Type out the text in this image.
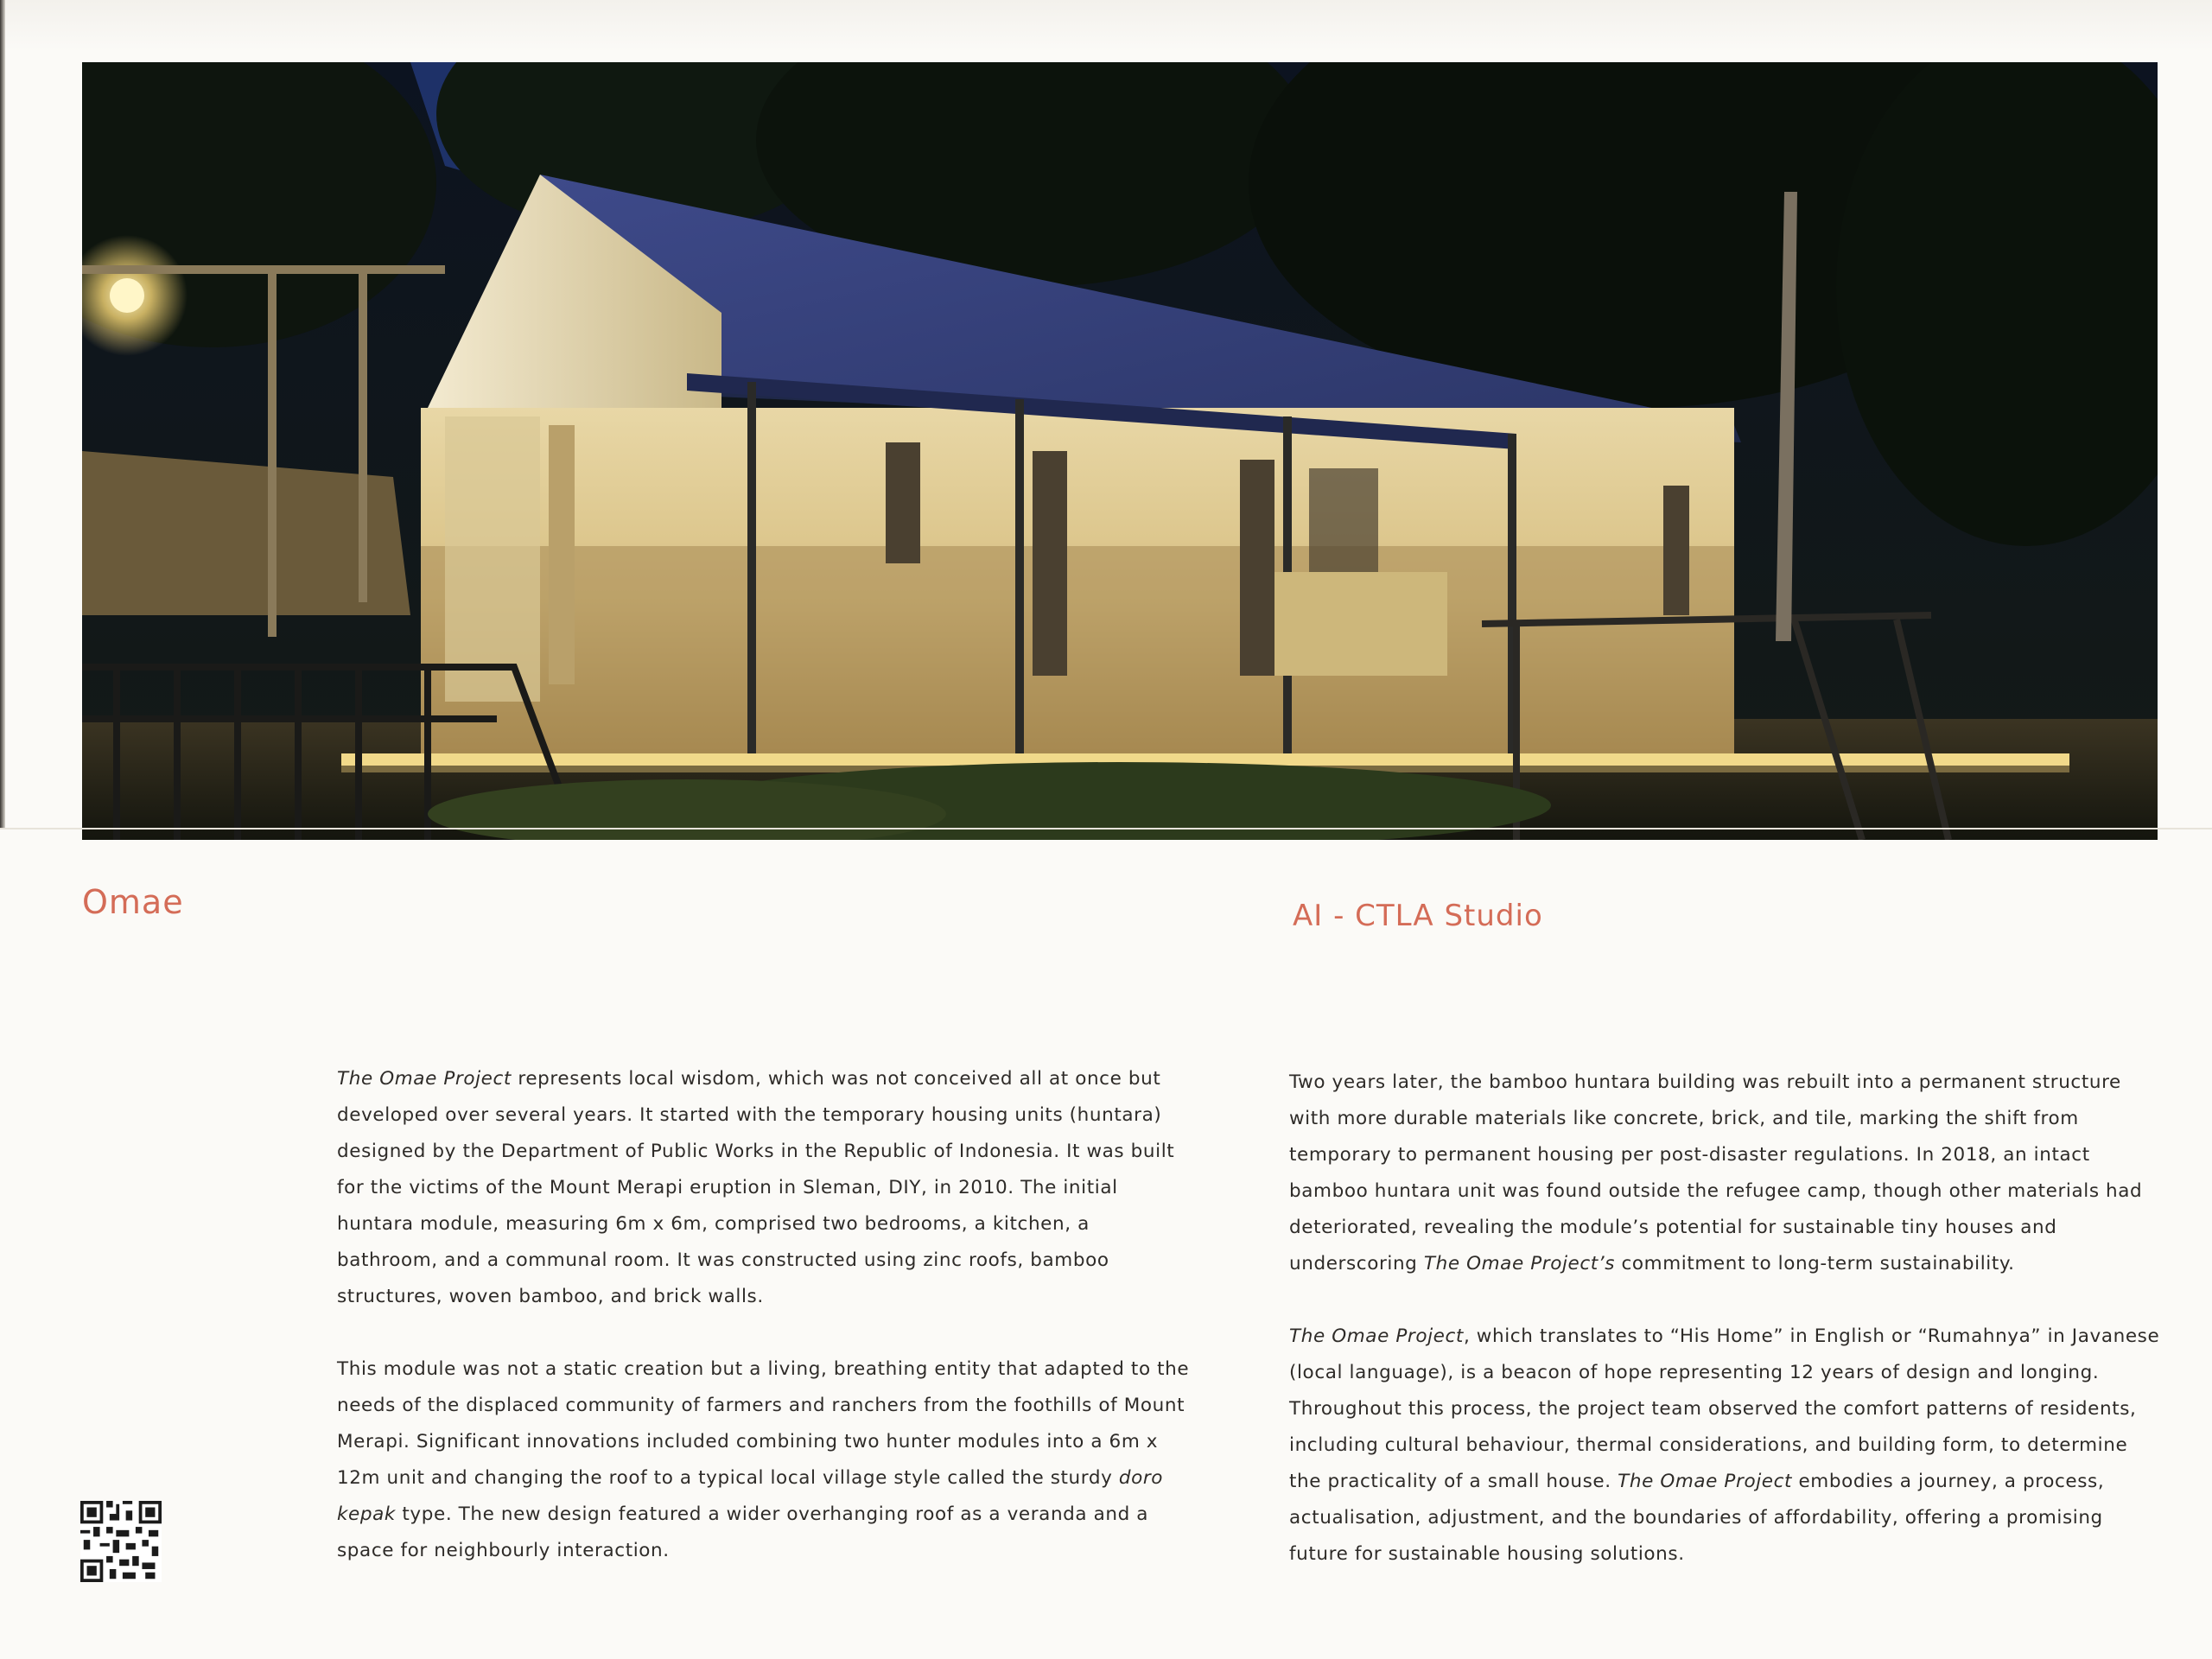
Omae	AI - CTLA Studio

The Omae Project represents local wisdom, which was not conceived all at once but developed over several years. It started with the temporary housing units (huntara) designed by the Department of Public Works in the Republic of Indonesia. It was built for the victims of the Mount Merapi eruption in Sleman, DIY, in 2010. The initial huntara module, measuring 6m x 6m, comprised two bedrooms, a kitchen, a bathroom, and a communal room. It was constructed using zinc roofs, bamboo structures, woven bamboo, and brick walls.

This module was not a static creation but a living, breathing entity that adapted to the needs of the displaced community of farmers and ranchers from the foothills of Mount Merapi. Significant innovations included combining two hunter modules into a 6m x 12m unit and changing the roof to a typical local village style called the sturdy doro kepak type. The new design featured a wider overhanging roof as a veranda and a space for neighbourly interaction.

Two years later, the bamboo huntara building was rebuilt into a permanent structure with more durable materials like concrete, brick, and tile, marking the shift from temporary to permanent housing per post-disaster regulations. In 2018, an intact bamboo huntara unit was found outside the refugee camp, though other materials had deteriorated, revealing the module’s potential for sustainable tiny houses and underscoring The Omae Project’s commitment to long-term sustainability.

The Omae Project, which translates to “His Home” in English or “Rumahnya” in Javanese (local language), is a beacon of hope representing 12 years of design and longing. Throughout this process, the project team observed the comfort patterns of residents, including cultural behaviour, thermal considerations, and building form, to determine the practicality of a small house. The Omae Project embodies a journey, a process, actualisation, adjustment, and the boundaries of affordability, offering a promising future for sustainable housing solutions.
